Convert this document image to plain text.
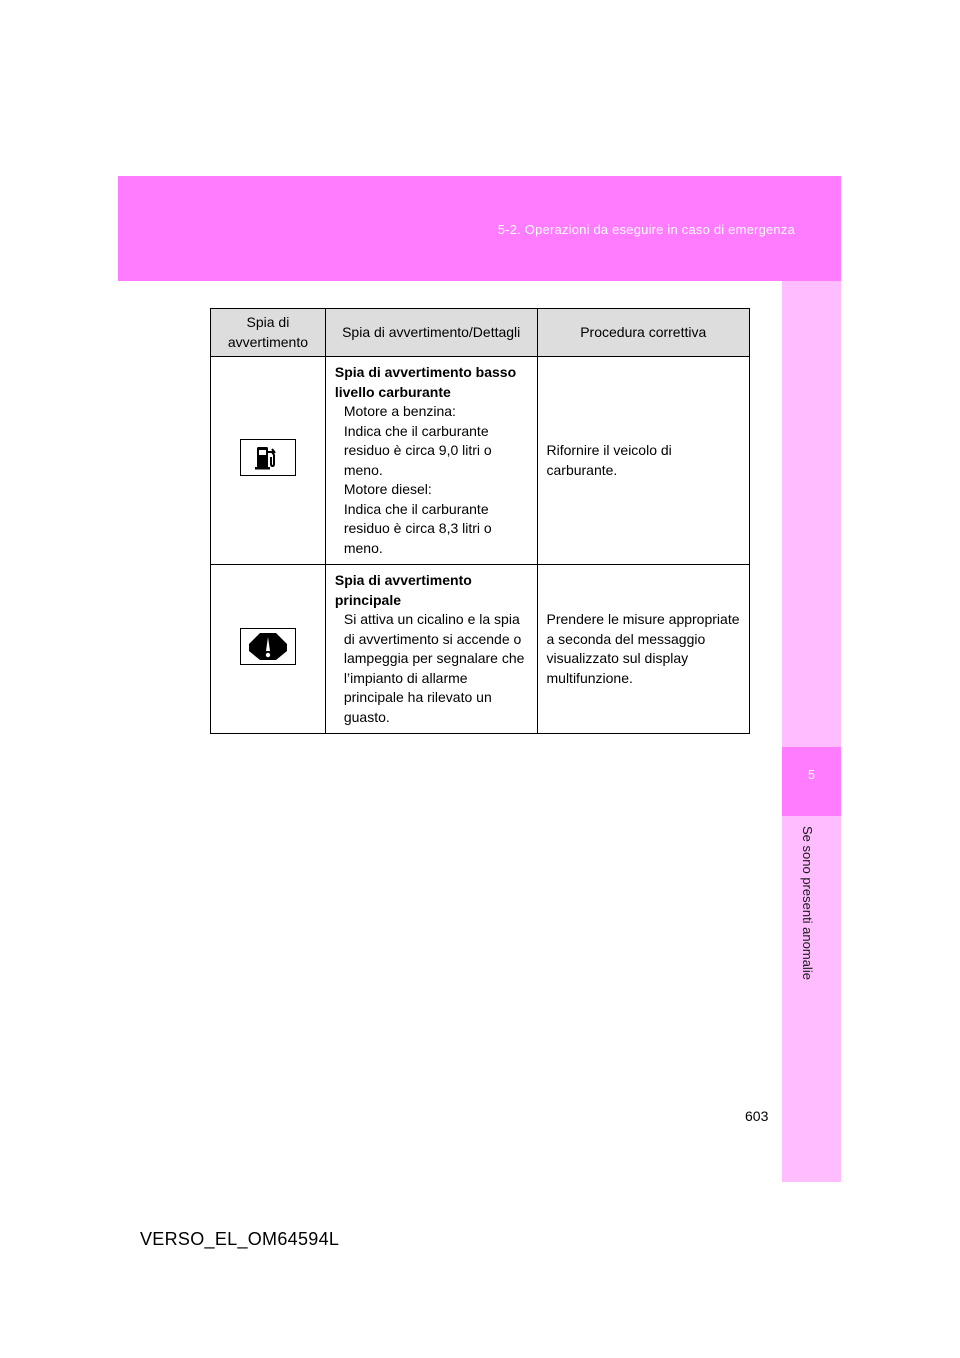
5-2. Operazioni da eseguire in caso di emergenza
5
Se sono presenti anomalie
Spia di avvertimento	Spia di avvertimento/Dettagli	Procedura correttiva

Spia di avvertimento basso livello carburante
Motore a benzina:
Indica che il carburante residuo è circa 9,0 litri o meno.
Motore diesel:
Indica che il carburante residuo è circa 8,3 litri o meno.	Rifornire il veicolo di carburante.

Spia di avvertimento principale
Si attiva un cicalino e la spia di avvertimento si accende o lampeggia per segnalare che l’impianto di allarme principale ha rilevato un guasto.	Prendere le misure appropriate a seconda del messaggio visualizzato sul display multifunzione.
603
VERSO_EL_OM64594L
